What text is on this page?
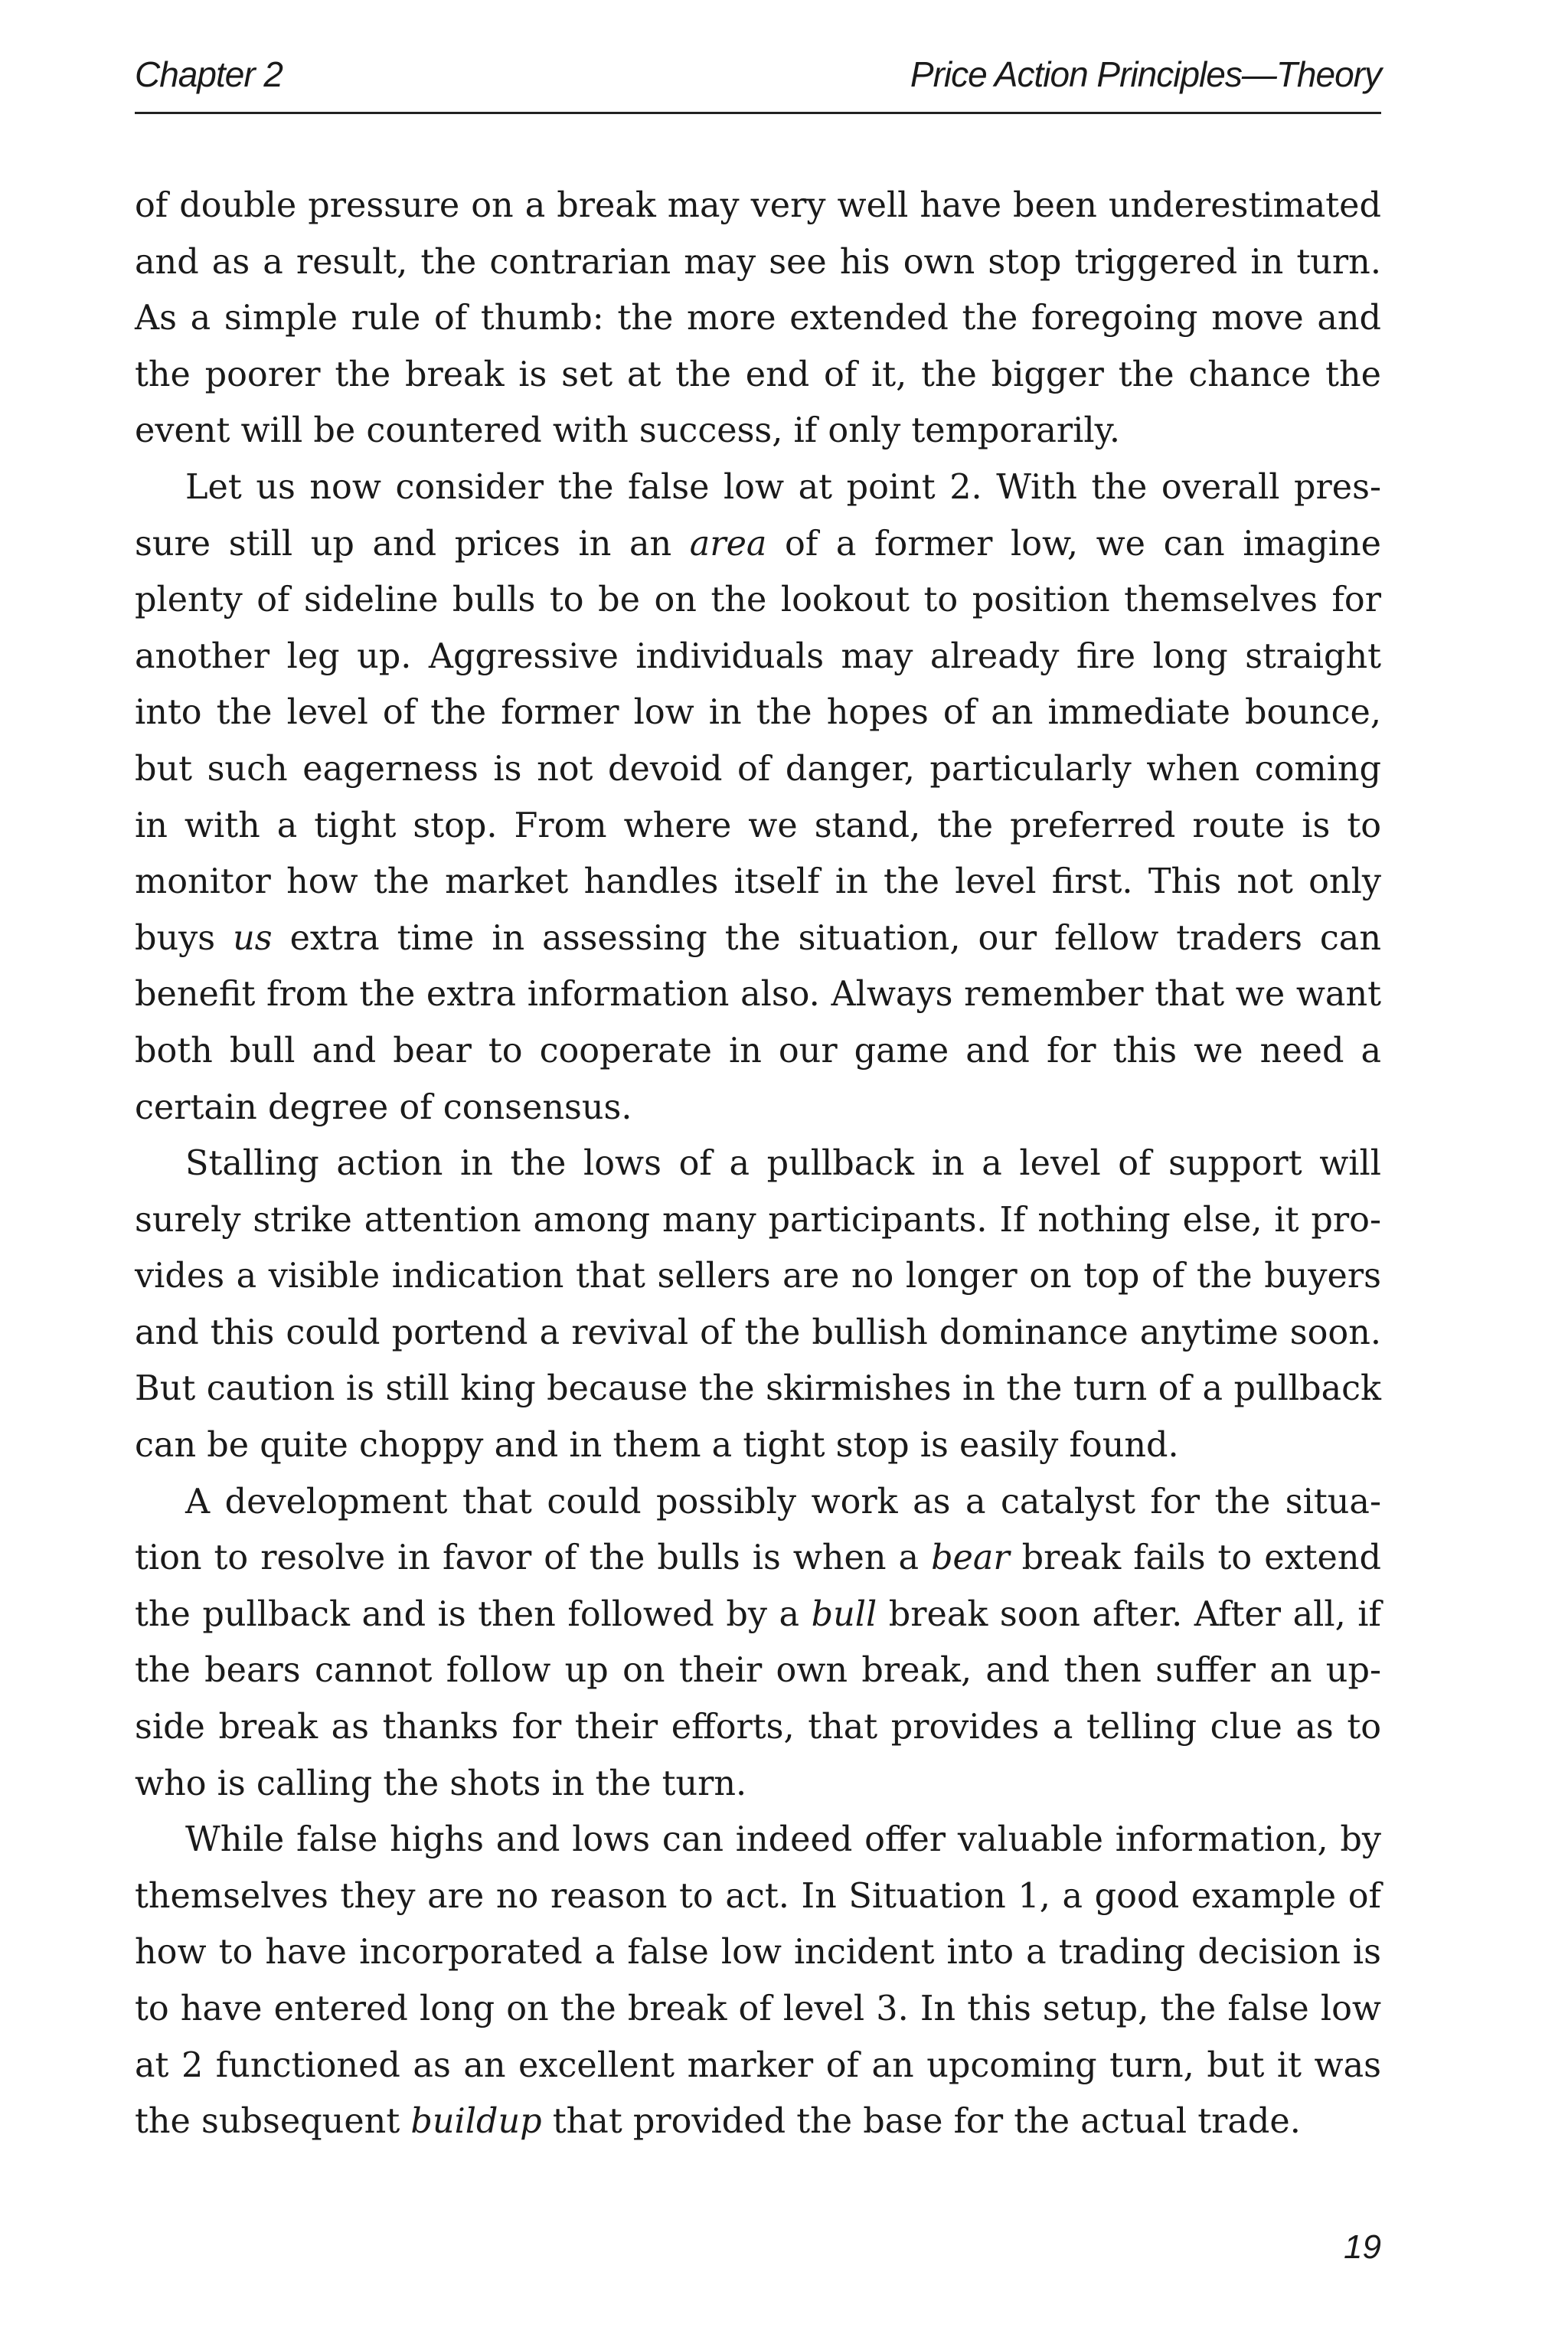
Chapter 2	Price Action Principles—Theory

of double pressure on a break may very well have been underestimated and as a result, the contrarian may see his own stop triggered in turn. As a simple rule of thumb: the more extended the foregoing move and the poorer the break is set at the end of it, the bigger the chance the event will be countered with success, if only temporarily.

Let us now consider the false low at point 2. With the overall pressure still up and prices in an area of a former low, we can imagine plenty of sideline bulls to be on the lookout to position themselves for another leg up. Aggressive individuals may already fire long straight into the level of the former low in the hopes of an immediate bounce, but such eagerness is not devoid of danger, particularly when coming in with a tight stop. From where we stand, the preferred route is to monitor how the market handles itself in the level first. This not only buys us extra time in assessing the situation, our fellow traders can benefit from the extra information also. Always remember that we want both bull and bear to cooperate in our game and for this we need a certain degree of consensus.

Stalling action in the lows of a pullback in a level of support will surely strike attention among many participants. If nothing else, it provides a visible indication that sellers are no longer on top of the buyers and this could portend a revival of the bullish dominance anytime soon. But caution is still king because the skirmishes in the turn of a pullback can be quite choppy and in them a tight stop is easily found.

A development that could possibly work as a catalyst for the situation to resolve in favor of the bulls is when a bear break fails to extend the pullback and is then followed by a bull break soon after. After all, if the bears cannot follow up on their own break, and then suffer an upside break as thanks for their efforts, that provides a telling clue as to who is calling the shots in the turn.

While false highs and lows can indeed offer valuable information, by themselves they are no reason to act. In Situation 1, a good example of how to have incorporated a false low incident into a trading decision is to have entered long on the break of level 3. In this setup, the false low at 2 functioned as an excellent marker of an upcoming turn, but it was the subsequent buildup that provided the base for the actual trade.

19
